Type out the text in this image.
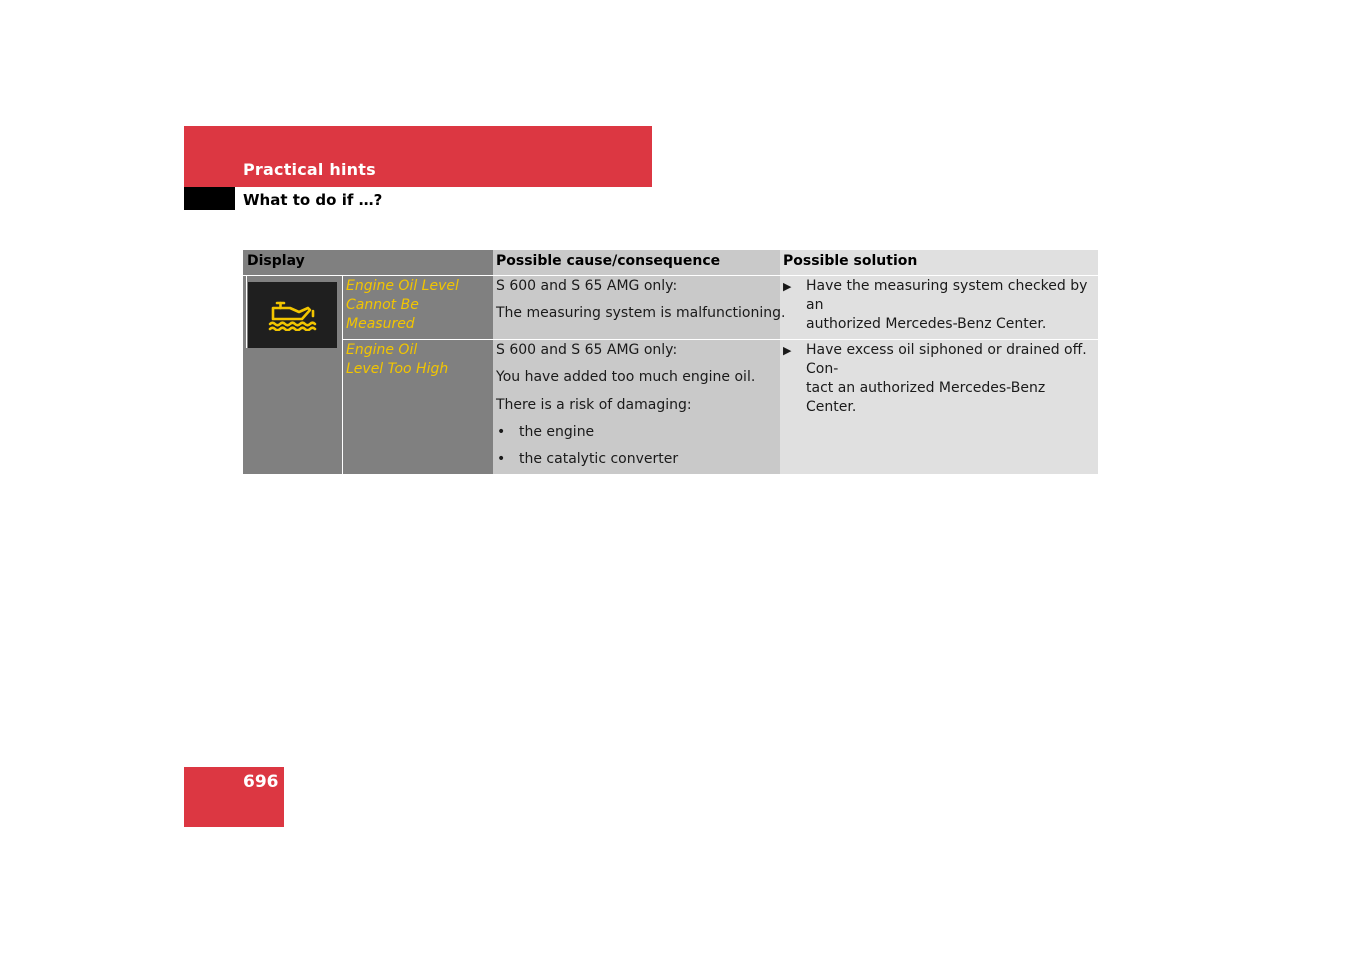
Practical hints
What to do if …?
Display	Possible cause/consequence	Possible solution
Engine Oil Level
Cannot Be
Measured
Engine Oil
Level Too High
S 600 and S 65 AMG only:
The measuring system is malfunctioning.
▶ Have the measuring system checked by an
authorized Mercedes-Benz Center.
S 600 and S 65 AMG only:
You have added too much engine oil.
There is a risk of damaging:
• the engine
• the catalytic converter
▶ Have excess oil siphoned or drained off. Con-
tact an authorized Mercedes-Benz Center.
696
